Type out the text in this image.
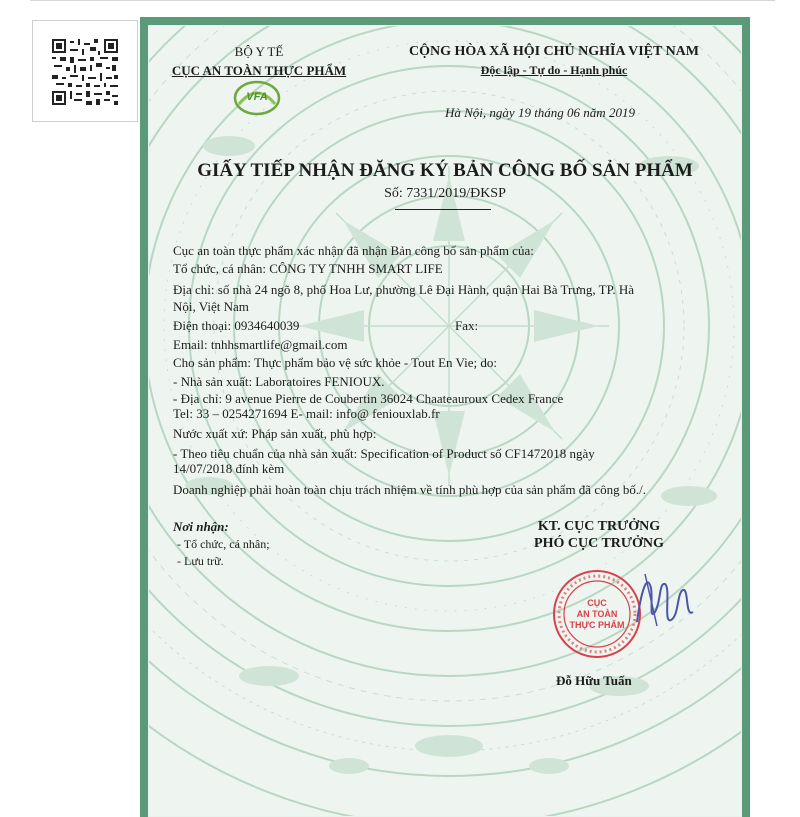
BỘ Y TẾ
CỤC AN TOÀN THỰC PHẨM
VFA
CỘNG HÒA XÃ HỘI CHỦ NGHĨA VIỆT NAM
Độc lập - Tự do - Hạnh phúc
Hà Nội, ngày 19 tháng 06 năm 2019
GIẤY TIẾP NHẬN ĐĂNG KÝ BẢN CÔNG BỐ SẢN PHẨM
Số: 7331/2019/ĐKSP
Cục an toàn thực phẩm xác nhận đã nhận Bản công bố sản phẩm của:
Tổ chức, cá nhân: CÔNG TY TNHH SMART LIFE
Địa chỉ: số nhà 24 ngõ 8, phố Hoa Lư, phường Lê Đại Hành, quận Hai Bà Trưng, TP. Hà
Nội, Việt Nam
Điện thoại: 0934640039	Fax:
Email: tnhhsmartlife@gmail.com
Cho sản phẩm: Thực phẩm bảo vệ sức khỏe - Tout En Vie; do:
- Nhà sản xuất: Laboratoires FENIOUX.
- Địa chỉ: 9 avenue Pierre de Coubertin 36024 Chaateauroux Cedex France
Tel: 33 – 0254271694 E- mail: info@ fenioux​lab.fr
Nước xuất xứ: Pháp sản xuất, phù hợp:
- Theo tiêu chuẩn của nhà sản xuất: Specification of Product số CF1472018 ngày
14/07/2018 đính kèm
Doanh nghiệp phải hoàn toàn chịu trách nhiệm về tính phù hợp của sản phẩm đã công bố./.
Nơi nhận:
- Tổ chức, cá nhân;
- Lưu trữ.
KT. CỤC TRƯỞNG
PHÓ CỤC TRƯỞNG
CỤC
AN TOÀN
THỰC PHẨM
Đỗ Hữu Tuấn
